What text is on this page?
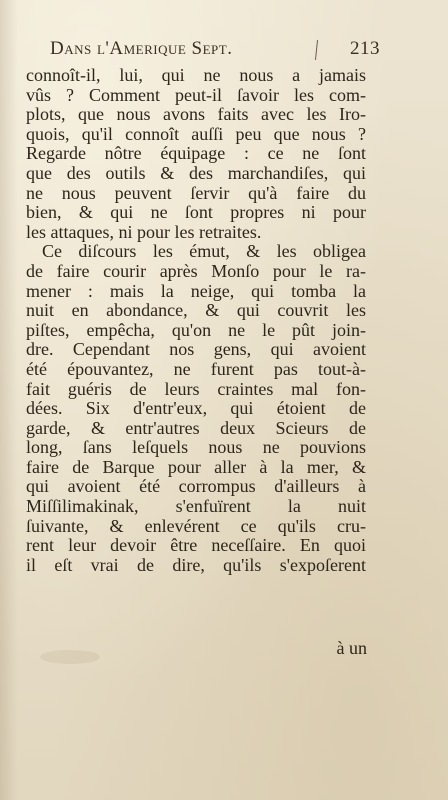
Dans l'Amerique Sept.	213
connoît-il, lui, qui ne nous a jamais
vûs ? Comment peut-il ſavoir les com-
plots, que nous avons faits avec les Iro-
quois, qu'il connoît auſſi peu que nous ?
Regarde nôtre équipage : ce ne ſont
que des outils & des marchandiſes, qui
ne nous peuvent ſervir qu'à faire du
bien, & qui ne ſont propres ni pour
les attaques, ni pour les retraites.
Ce diſcours les émut, & les obligea
de faire courir après Monſo pour le ra-
mener : mais la neige, qui tomba la
nuit en abondance, & qui couvrit les
piſtes, empêcha, qu'on ne le pût join-
dre. Cependant nos gens, qui avoient
été épouvantez, ne furent pas tout-à-
fait guéris de leurs craintes mal fon-
dées. Six d'entr'eux, qui étoient de
garde, & entr'autres deux Scieurs de
long, ſans leſquels nous ne pouvions
faire de Barque pour aller à la mer, &
qui avoient été corrompus d'ailleurs à
Miſſilimakinak, s'enfuïrent la nuit
ſuivante, & enlevérent ce qu'ils cru-
rent leur devoir être neceſſaire. En quoi
il eſt vrai de dire, qu'ils s'expoſerent
à un
